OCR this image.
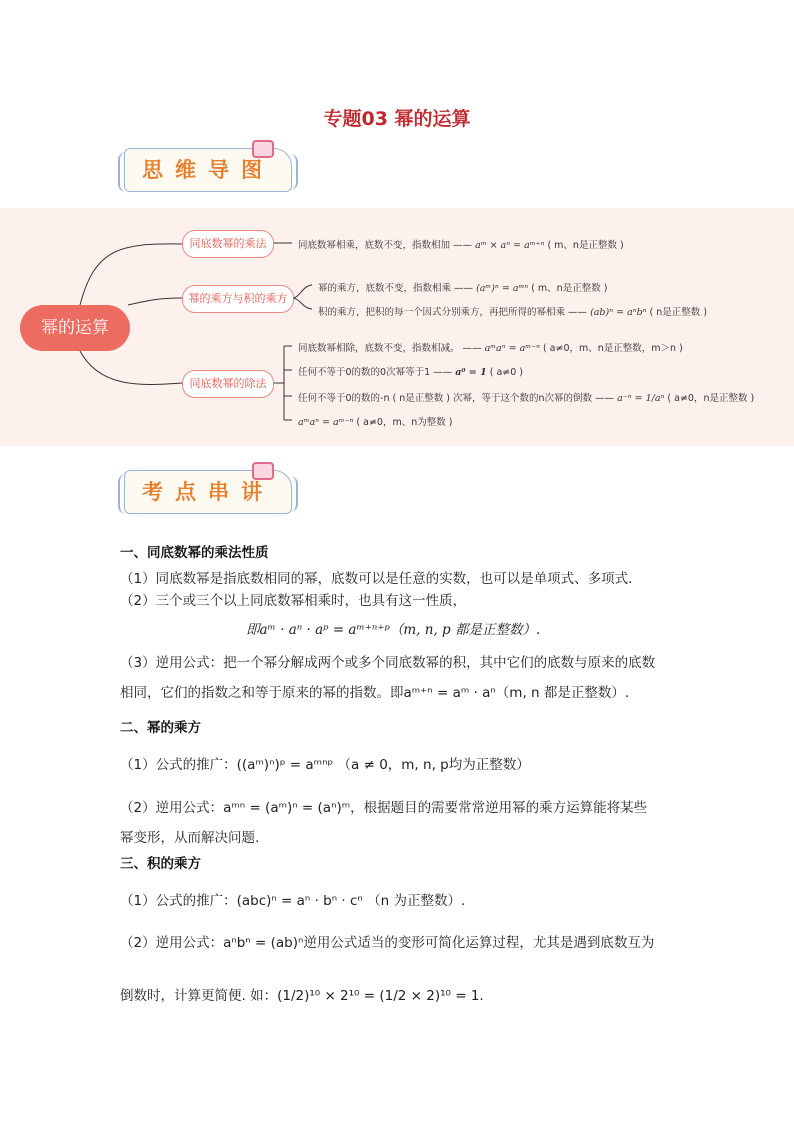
专题03 幂的运算
思维导图
幂的运算
同底数幂的乘法
幂的乘方与积的乘方
同底数幂的除法
同底数幂相乘，底数不变，指数相加 —— aᵐ × aⁿ = aᵐ⁺ⁿ ( m、n是正整数 )
幂的乘方，底数不变，指数相乘 —— (aᵐ)ⁿ = aᵐⁿ ( m、n是正整数 )
积的乘方，把积的每一个因式分别乘方，再把所得的幂相乘 —— (ab)ⁿ = aⁿbⁿ ( n是正整数 )
同底数幂相除，底数不变，指数相减。 —— aᵐaⁿ = aᵐ⁻ⁿ ( a≠0，m、n是正整数，m＞n )
任何不等于0的数的0次幂等于1 —— a⁰ = 1 ( a≠0 )
任何不等于0的数的-n ( n是正整数 ) 次幂，等于这个数的n次幂的倒数 —— a⁻ⁿ = 1/aⁿ ( a≠0，n是正整数 )
aᵐaⁿ = aᵐ⁻ⁿ ( a≠0，m、n为整数 )
考点串讲
一、同底数幂的乘法性质
（1）同底数幂是指底数相同的幂，底数可以是任意的实数，也可以是单项式、多项式.
（2）三个或三个以上同底数幂相乘时，也具有这一性质，
即aᵐ · aⁿ · aᵖ = aᵐ⁺ⁿ⁺ᵖ（m, n, p 都是正整数）.
（3）逆用公式：把一个幂分解成两个或多个同底数幂的积，其中它们的底数与原来的底数
相同，它们的指数之和等于原来的幂的指数。即aᵐ⁺ⁿ = aᵐ · aⁿ（m, n 都是正整数）.
二、幂的乘方
（1）公式的推广：((aᵐ)ⁿ)ᵖ = aᵐⁿᵖ （a ≠ 0，m, n, p均为正整数）
（2）逆用公式：aᵐⁿ = (aᵐ)ⁿ = (aⁿ)ᵐ，根据题目的需要常常逆用幂的乘方运算能将某些
幂变形，从而解决问题.
三、积的乘方
（1）公式的推广：(abc)ⁿ = aⁿ · bⁿ · cⁿ （n 为正整数）.
（2）逆用公式：aⁿbⁿ = (ab)ⁿ逆用公式适当的变形可简化运算过程，尤其是遇到底数互为
倒数时，计算更简便. 如：(1/2)¹⁰ × 2¹⁰ = (1/2 × 2)¹⁰ = 1.
